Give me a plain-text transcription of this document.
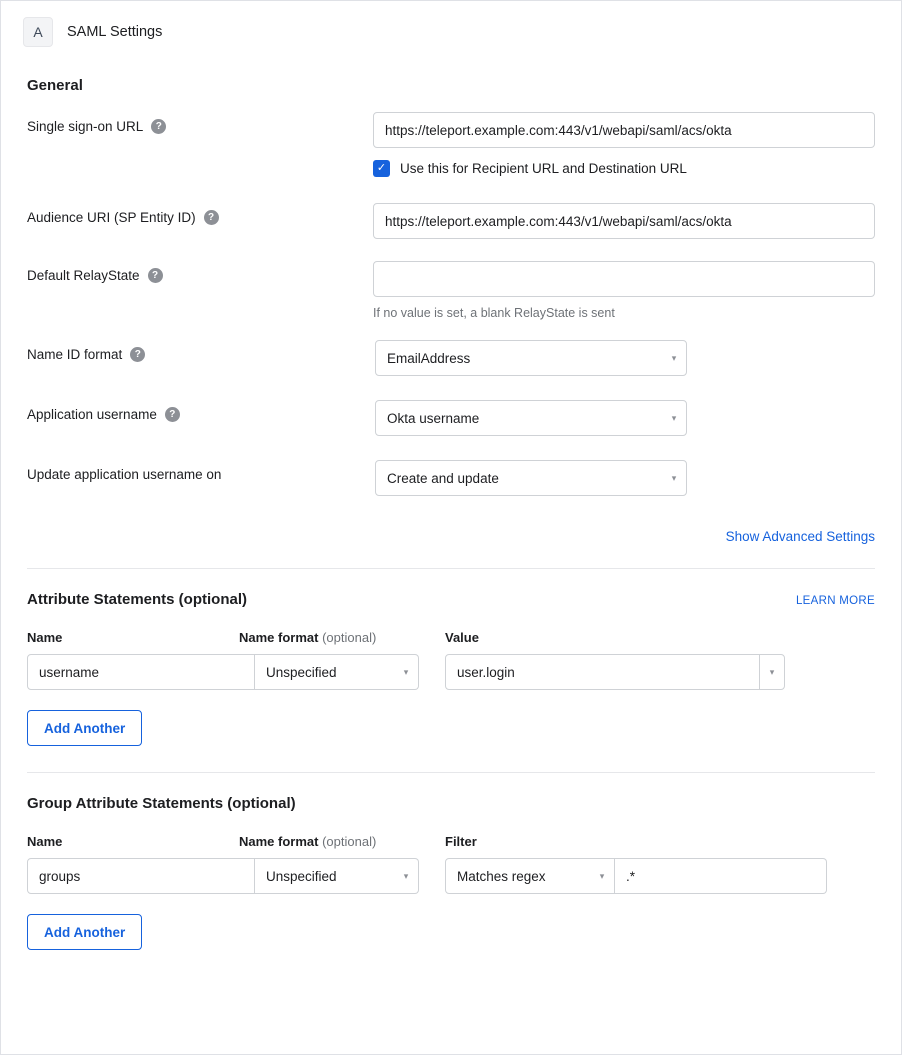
A	SAML Settings
General
Single sign-on URL	?	https://teleport.example.com:443/v1/webapi/saml/acs/okta
✓ Use this for Recipient URL and Destination URL
Audience URI (SP Entity ID)	?	https://teleport.example.com:443/v1/webapi/saml/acs/okta
Default RelayState	?
If no value is set, a blank RelayState is sent
Name ID format	?	EmailAddress	▾
Application username	?	Okta username	▾
Update application username on	Create and update	▾
Show Advanced Settings
Attribute Statements (optional)	LEARN MORE
Name	Name format (optional)	Value
username	Unspecified	▾	user.login	▾
Add Another
Group Attribute Statements (optional)
Name	Name format (optional)	Filter
groups	Unspecified	▾	Matches regex	▾	.*
Add Another
